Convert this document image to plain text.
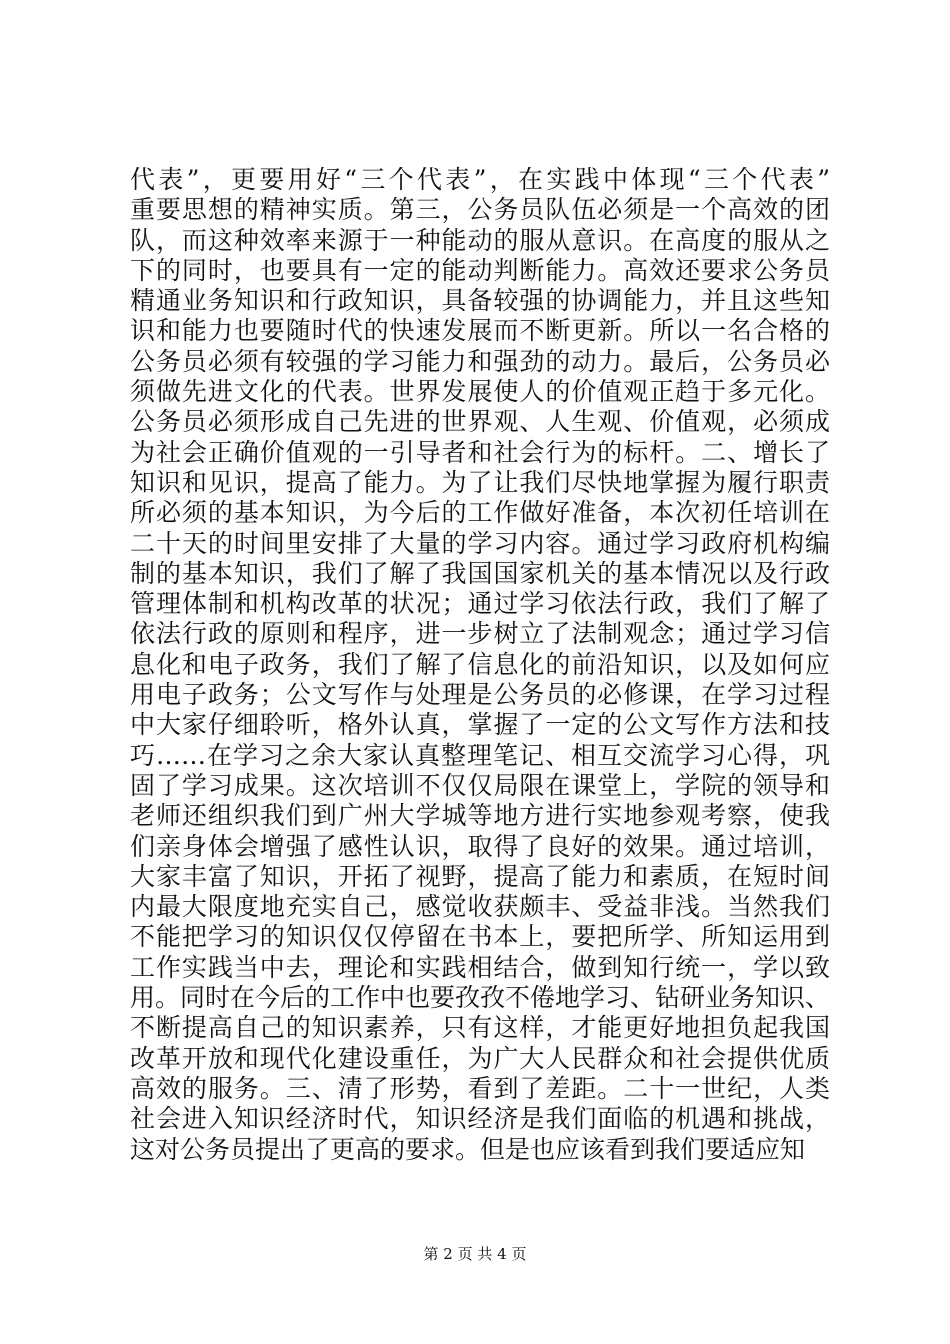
代表”，更要用好“三个代表”，在实践中体现“三个代表”
重要思想的精神实质。第三，公务员队伍必须是一个高效的团
队，而这种效率来源于一种能动的服从意识。在高度的服从之
下的同时，也要具有一定的能动判断能力。高效还要求公务员
精通业务知识和行政知识，具备较强的协调能力，并且这些知
识和能力也要随时代的快速发展而不断更新。所以一名合格的
公务员必须有较强的学习能力和强劲的动力。最后，公务员必
须做先进文化的代表。世界发展使人的价值观正趋于多元化。
公务员必须形成自己先进的世界观、人生观、价值观，必须成
为社会正确价值观的一引导者和社会行为的标杆。二、增长了
知识和见识，提高了能力。为了让我们尽快地掌握为履行职责
所必须的基本知识，为今后的工作做好准备，本次初任培训在
二十天的时间里安排了大量的学习内容。通过学习政府机构编
制的基本知识，我们了解了我国国家机关的基本情况以及行政
管理体制和机构改革的状况；通过学习依法行政，我们了解了
依法行政的原则和程序，进一步树立了法制观念；通过学习信
息化和电子政务，我们了解了信息化的前沿知识，以及如何应
用电子政务；公文写作与处理是公务员的必修课，在学习过程
中大家仔细聆听，格外认真，掌握了一定的公文写作方法和技
巧……在学习之余大家认真整理笔记、相互交流学习心得，巩
固了学习成果。这次培训不仅仅局限在课堂上，学院的领导和
老师还组织我们到广州大学城等地方进行实地参观考察，使我
们亲身体会增强了感性认识，取得了良好的效果。通过培训，
大家丰富了知识，开拓了视野，提高了能力和素质，在短时间
内最大限度地充实自己，感觉收获颇丰、受益非浅。当然我们
不能把学习的知识仅仅停留在书本上，要把所学、所知运用到
工作实践当中去，理论和实践相结合，做到知行统一，学以致
用。同时在今后的工作中也要孜孜不倦地学习、钻研业务知识、
不断提高自己的知识素养，只有这样，才能更好地担负起我国
改革开放和现代化建设重任，为广大人民群众和社会提供优质
高效的服务。三、清了形势，看到了差距。二十一世纪，人类
社会进入知识经济时代，知识经济是我们面临的机遇和挑战，
这对公务员提出了更高的要求。但是也应该看到我们要适应知
第 2 页 共 4 页
